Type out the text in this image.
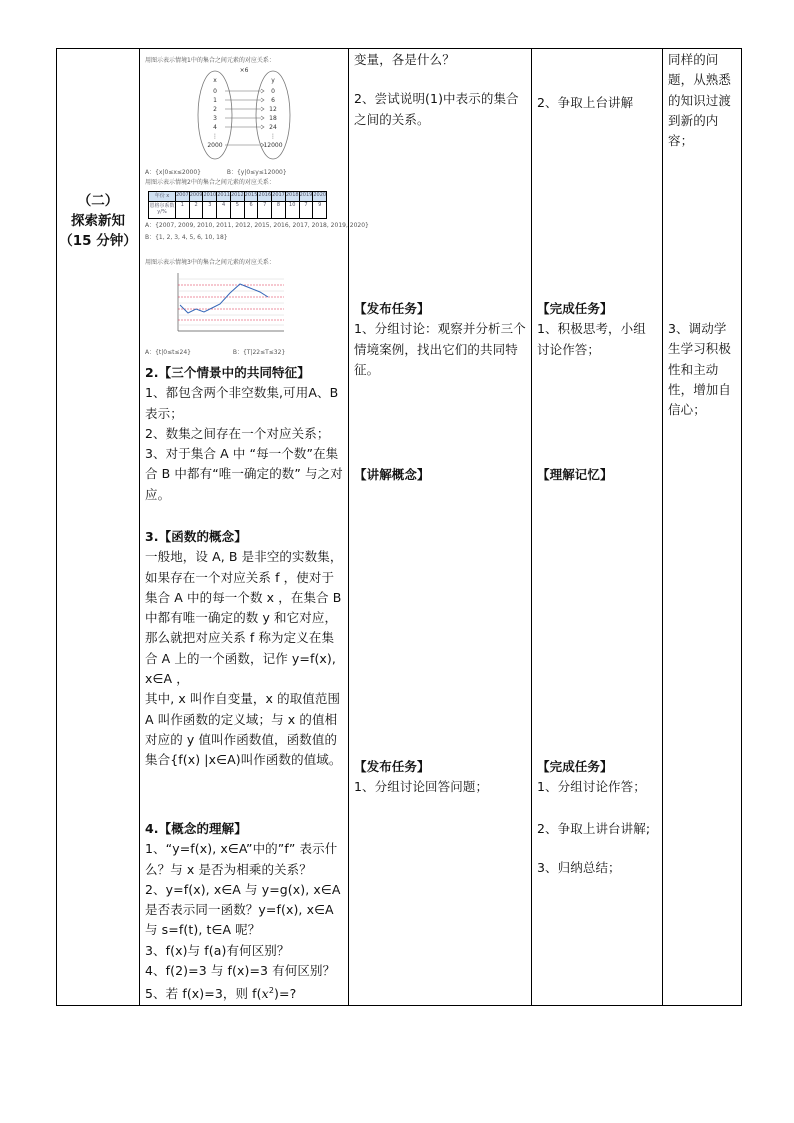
（二）
探索新知
（15 分钟）

用图示表示情境1中的集合之间元素的对应关系：
×6
x	y
0	0
1	6
2	12
3	18
4	24
⋮	⋮
2000	12000
A：{x|0≤x≤2000}	B：{y|0≤y≤12000}
用图示表示情境2中的集合之间元素的对应关系：
年份 x	2007	2009	2010	2011	2012	2015	2016	2017	2018	2019	2020
恩格尔系数 y/%	1	2	3	4	5	6	7	8	10	7	9
A：{2007, 2009, 2010, 2011, 2012, 2015, 2016, 2017, 2018, 2019, 2020}
B：{1, 2, 3, 4, 5, 6, 10, 18}
用图示表示情境3中的集合之间元素的对应关系：
A：{t|0≤t≤24}	B：{T|22≤T≤32}
2.【三个情景中的共同特征】
1、都包含两个非空数集,可用A、B 表示；
2、数集之间存在一个对应关系；
3、对于集合 A 中 “每一个数”在集合 B 中都有“唯一确定的数” 与之对应。
3.【函数的概念】
一般地，设 A, B 是非空的实数集，如果存在一个对应关系 f ，使对于集合 A 中的每一个数 x ，在集合 B 中都有唯一确定的数 y 和它对应，那么就把对应关系 f 称为定义在集合 A 上的一个函数，记作 y=f(x), x∈A ，
其中, x 叫作自变量，x 的取值范围 A 叫作函数的定义域；与 x 的值相对应的 y 值叫作函数值，函数值的集合{f(x) |x∈A)叫作函数的值域。
4.【概念的理解】
1、“y=f(x), x∈A”中的”f” 表示什么？与 x 是否为相乘的关系？
2、y=f(x), x∈A 与 y=g(x), x∈A 是否表示同一函数？y=f(x), x∈A 与 s=f(t), t∈A 呢？
3、f(x)与 f(a)有何区别？
4、f(2)=3 与 f(x)=3 有何区别？
5、若 f(x)=3，则 $f(x^2)=$?

变量，各是什么？
2、尝试说明(1)中表示的集合之间的关系。
【发布任务】
1、分组讨论：观察并分析三个情境案例，找出它们的共同特征。
【讲解概念】
【发布任务】
1、分组讨论回答问题；

2、争取上台讲解
【完成任务】
1、积极思考，小组讨论作答；
【理解记忆】
【完成任务】
1、分组讨论作答；
2、争取上讲台讲解;
3、归纳总结；

同样的问题，从熟悉的知识过渡到新的内容；
3、调动学生学习积极性和主动性，增加自信心；
